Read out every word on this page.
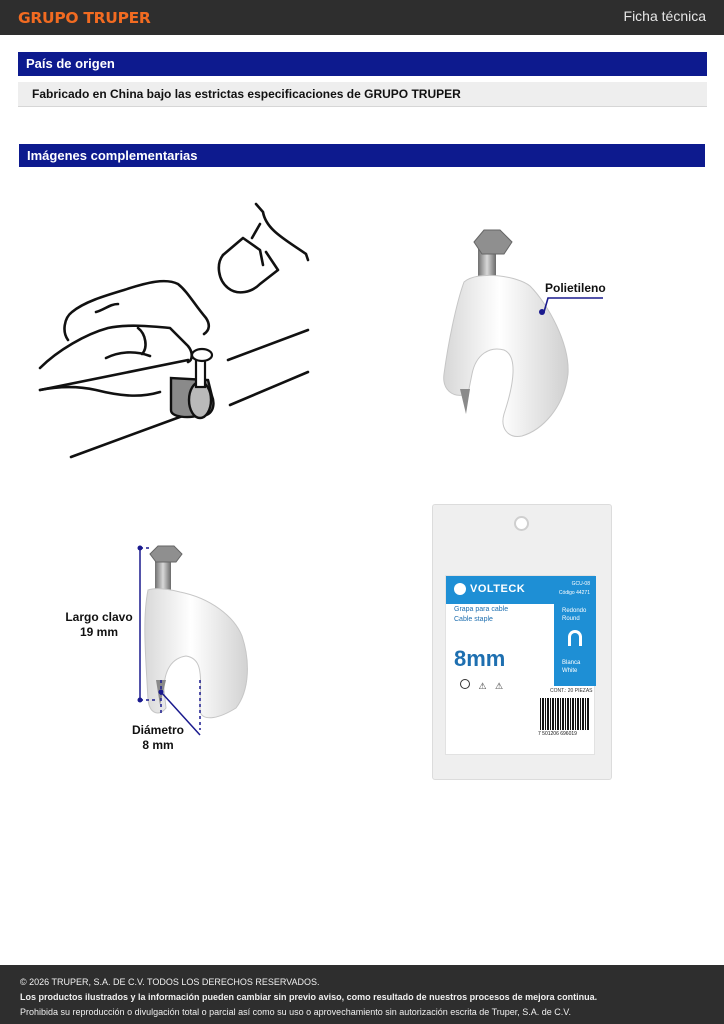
GRUPO TRUPER	Ficha técnica
País de origen
Fabricado en China bajo las estrictas especificaciones de GRUPO TRUPER
Imágenes complementarias
Polietileno
Largo clavo
19 mm
Diámetro
8 mm
VOLTECK	GCU-08
Código 44271
Redondo
Round
Blanca
White
Grapa para cable
Cable staple
8mm
⚠ ⚠	CONT.: 20 PIEZAS
7 501206 696019
© 2026 TRUPER, S.A. DE C.V. TODOS LOS DERECHOS RESERVADOS.
Los productos ilustrados y la información pueden cambiar sin previo aviso, como resultado de nuestros procesos de mejora continua.
Prohibida su reproducción o divulgación total o parcial así como su uso o aprovechamiento sin autorización escrita de Truper, S.A. de C.V.
